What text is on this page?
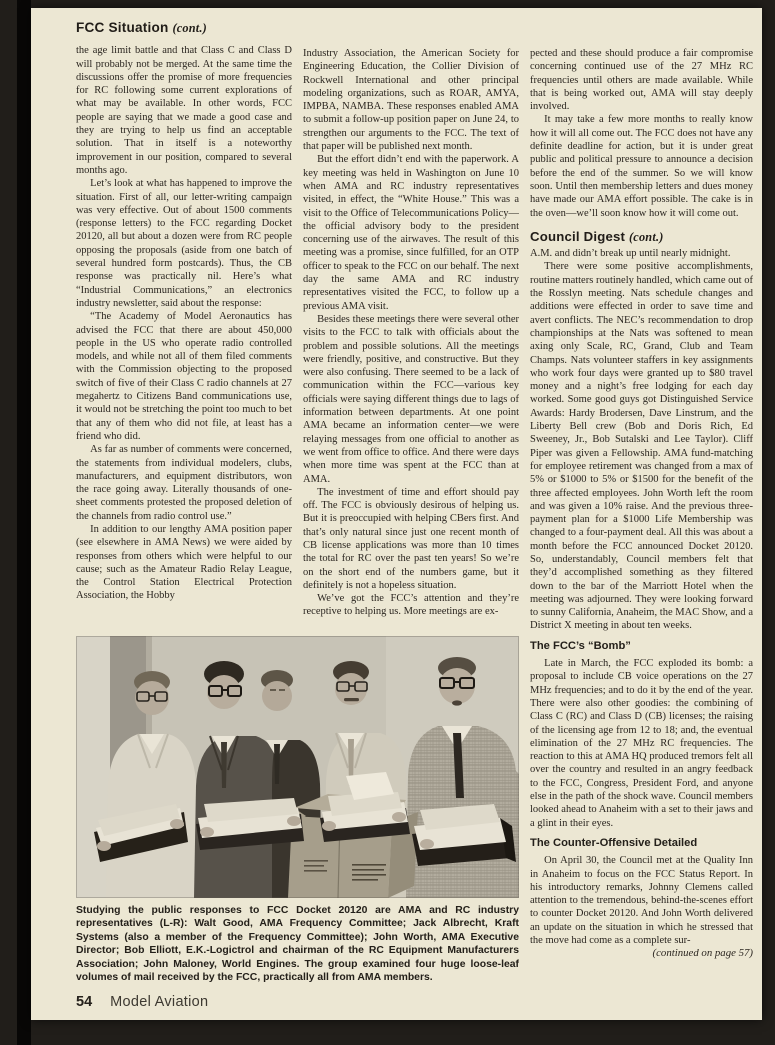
FCC Situation (cont.)

the age limit battle and that Class C and Class D will probably not be merged. At the same time the discussions offer the promise of more frequencies for RC following some current explorations of what may be available. In other words, FCC people are saying that we made a good case and they are trying to help us find an acceptable solution. That in itself is a noteworthy improvement in our position, compared to several months ago.

Let’s look at what has happened to improve the situation. First of all, our letter-writing campaign was very effective. Out of about 1500 comments (response letters) to the FCC regarding Docket 20120, all but about a dozen were from RC people opposing the proposals (aside from one batch of several hundred form postcards). Thus, the CB response was practically nil. Here’s what “Industrial Communications,” an electronics industry newsletter, said about the response:

“The Academy of Model Aeronautics has advised the FCC that there are about 450,000 people in the US who operate radio controlled models, and while not all of them filed comments with the Commission objecting to the proposed switch of five of their Class C radio channels at 27 megahertz to Citizens Band communications use, it would not be stretching the point too much to bet that any of them who did not file, at least has a friend who did.

As far as number of comments were concerned, the statements from individual modelers, clubs, manufacturers, and equipment distributors, won the race going away. Literally thousands of one-sheet comments protested the proposed deletion of the channels from radio control use.”

In addition to our lengthy AMA position paper (see elsewhere in AMA News) we were aided by responses from others which were helpful to our cause; such as the Amateur Radio Relay League, the Control Station Electrical Protection Association, the Hobby

Industry Association, the American Society for Engineering Education, the Collier Division of Rockwell International and other principal modeling organizations, such as ROAR, AMYA, IMPBA, NAMBA. These responses enabled AMA to submit a follow-up position paper on June 24, to strengthen our arguments to the FCC. The text of that paper will be published next month.

But the effort didn’t end with the paperwork. A key meeting was held in Washington on June 10 when AMA and RC industry representatives visited, in effect, the “White House.” This was a visit to the Office of Telecommunications Policy—the official advisory body to the president concerning use of the airwaves. The result of this meeting was a promise, since fulfilled, for an OTP officer to speak to the FCC on our behalf. The next day the same AMA and RC industry representatives visited the FCC, to follow up a previous AMA visit.

Besides these meetings there were several other visits to the FCC to talk with officials about the problem and possible solutions. All the meetings were friendly, positive, and constructive. But they were also confusing. There seemed to be a lack of communication within the FCC—various key officials were saying different things due to lags of information between departments. At one point AMA became an information center—we were relaying messages from one official to another as we went from office to office. And there were days when more time was spent at the FCC than at AMA.

The investment of time and effort should pay off. The FCC is obviously desirous of helping us. But it is preoccupied with helping CBers first. And that’s only natural since just one recent month of CB license applications was more than 10 times the total for RC over the past ten years! So we’re on the short end of the numbers game, but it definitely is not a hopeless situation.

We’ve got the FCC’s attention and they’re receptive to helping us. More meetings are ex-

Studying the public responses to FCC Docket 20120 are AMA and RC industry representatives (L-R): Walt Good, AMA Frequency Committee; Jack Albrecht, Kraft Systems (also a member of the Frequency Committee); John Worth, AMA Executive Director; Bob Elliott, E.K.-Logictrol and chairman of the RC Equipment Manufacturers Association; John Maloney, World Engines. The group examined four huge loose-leaf volumes of mail received by the FCC, practically all from AMA members.

54 Model Aviation

pected and these should produce a fair compromise concerning continued use of the 27 MHz RC frequencies until others are made available. While that is being worked out, AMA will stay deeply involved.

It may take a few more months to really know how it will all come out. The FCC does not have any definite deadline for action, but it is under great public and political pressure to announce a decision before the end of the summer. So we will know soon. Until then membership letters and dues money have made our AMA effort possible. The cake is in the oven—we’ll soon know how it will come out.

Council Digest (cont.)

A.M. and didn’t break up until nearly midnight.

There were some positive accomplishments, routine matters routinely handled, which came out of the Rosslyn meeting. Nats schedule changes and additions were effected in order to save time and avert conflicts. The NEC’s recommendation to drop championships at the Nats was softened to mean axing only Scale, RC, Grand, Club and Team Champs. Nats volunteer staffers in key assignments who work four days were granted up to $80 travel money and a night’s free lodging for each day worked. Some good guys got Distinguished Service Awards: Hardy Brodersen, Dave Linstrum, and the Liberty Bell crew (Bob and Doris Rich, Ed Sweeney, Jr., Bob Sutalski and Lee Taylor). Cliff Piper was given a Fellowship. AMA fund-matching for employee retirement was changed from a max of 5% or $1000 to 5% or $1500 for the benefit of the three affected employees. John Worth left the room and was given a 10% raise. And the previous three-payment plan for a $1000 Life Membership was changed to a four-payment deal. All this was about a month before the FCC announced Docket 20120. So, understandably, Council members felt that they’d accomplished something as they filtered down to the bar of the Marriott Hotel when the meeting was adjourned. They were looking forward to sunny California, Anaheim, the MAC Show, and a District X meeting in about ten weeks.

The FCC’s “Bomb”

Late in March, the FCC exploded its bomb: a proposal to include CB voice operations on the 27 MHz frequencies; and to do it by the end of the year. There were also other goodies: the combining of Class C (RC) and Class D (CB) licenses; the raising of the licensing age from 12 to 18; and, the eventual elimination of the 27 MHz RC frequencies. The reaction to this at AMA HQ produced tremors felt all over the country and resulted in an angry feedback to the FCC, Congress, President Ford, and anyone else in the path of the shock wave. Council members looked ahead to Anaheim with a set to their jaws and a glint in their eyes.

The Counter-Offensive Detailed

On April 30, the Council met at the Quality Inn in Anaheim to focus on the FCC Status Report. In his introductory remarks, Johnny Clemens called attention to the tremendous, behind-the-scenes effort to counter Docket 20120. And John Worth delivered an update on the situation in which he stressed that the move had come as a complete sur-

(continued on page 57)
